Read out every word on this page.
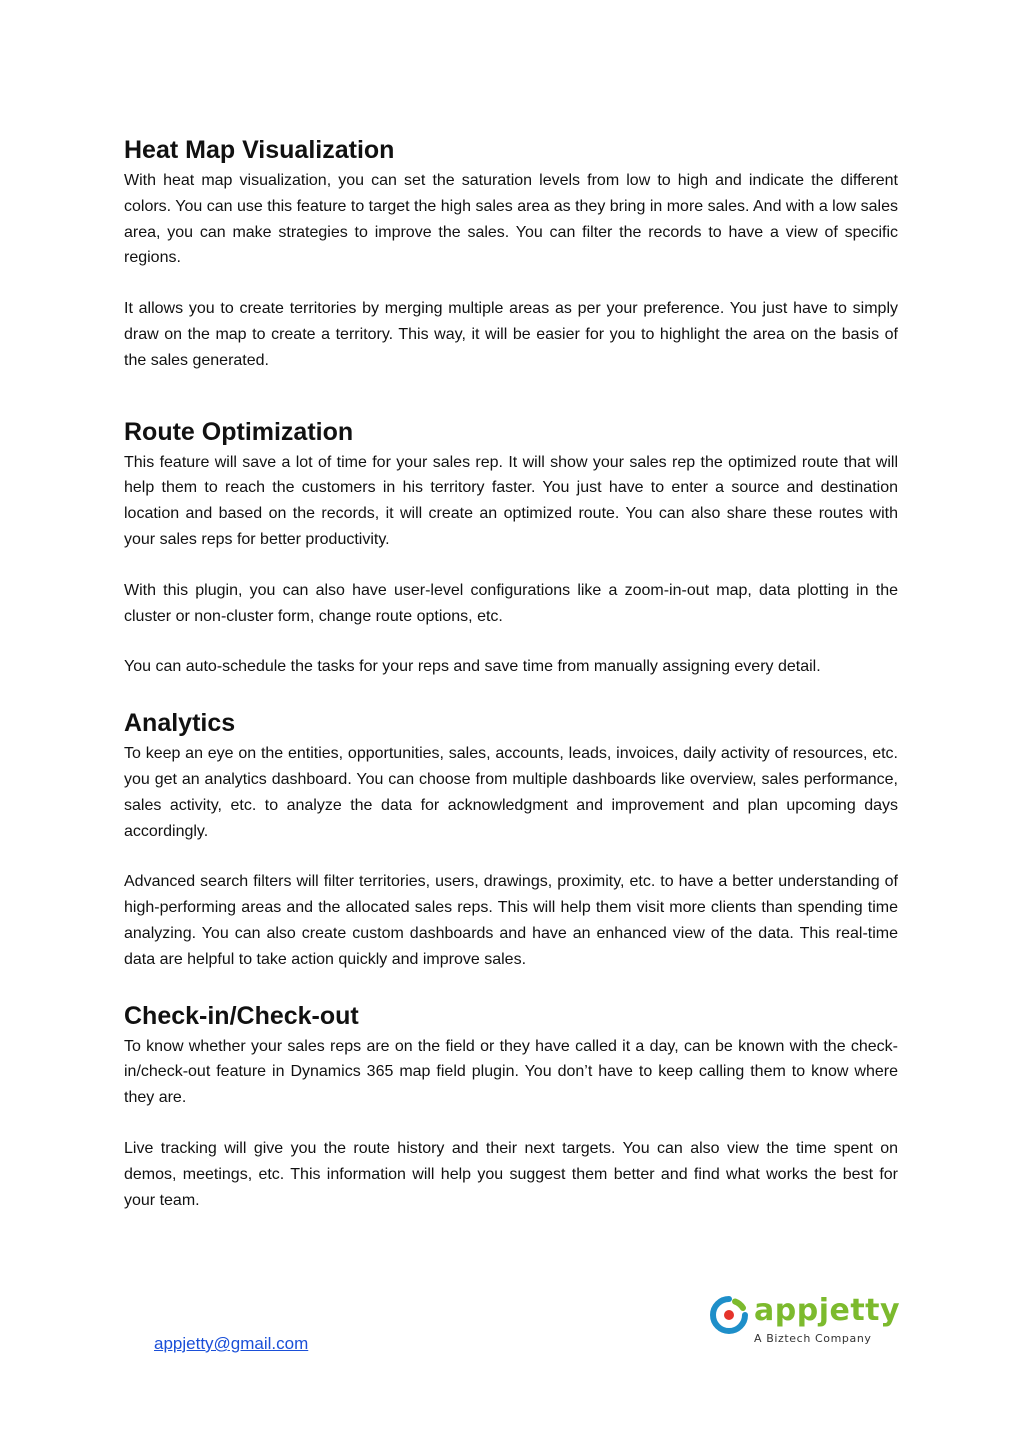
Heat Map Visualization

With heat map visualization, you can set the saturation levels from low to high and indicate the different colors. You can use this feature to target the high sales area as they bring in more sales. And with a low sales area, you can make strategies to improve the sales. You can filter the records to have a view of specific regions.

It allows you to create territories by merging multiple areas as per your preference. You just have to simply draw on the map to create a territory. This way, it will be easier for you to highlight the area on the basis of the sales generated.

Route Optimization

This feature will save a lot of time for your sales rep. It will show your sales rep the optimized route that will help them to reach the customers in his territory faster. You just have to enter a source and destination location and based on the records, it will create an optimized route. You can also share these routes with your sales reps for better productivity.

With this plugin, you can also have user-level configurations like a zoom-in-out map, data plotting in the cluster or non-cluster form, change route options, etc.

You can auto-schedule the tasks for your reps and save time from manually assigning every detail.

Analytics

To keep an eye on the entities, opportunities, sales, accounts, leads, invoices, daily activity of resources, etc. you get an analytics dashboard. You can choose from multiple dashboards like overview, sales performance, sales activity, etc. to analyze the data for acknowledgment and improvement and plan upcoming days accordingly.

Advanced search filters will filter territories, users, drawings, proximity, etc. to have a better understanding of high-performing areas and the allocated sales reps. This will help them visit more clients than spending time analyzing. You can also create custom dashboards and have an enhanced view of the data. This real-time data are helpful to take action quickly and improve sales.

Check-in/Check-out

To know whether your sales reps are on the field or they have called it a day, can be known with the check-in/check-out feature in Dynamics 365 map field plugin. You don’t have to keep calling them to know where they are.

Live tracking will give you the route history and their next targets. You can also view the time spent on demos, meetings, etc. This information will help you suggest them better and find what works the best for your team.

appjetty@gmail.com
appjetty
A Biztech Company
